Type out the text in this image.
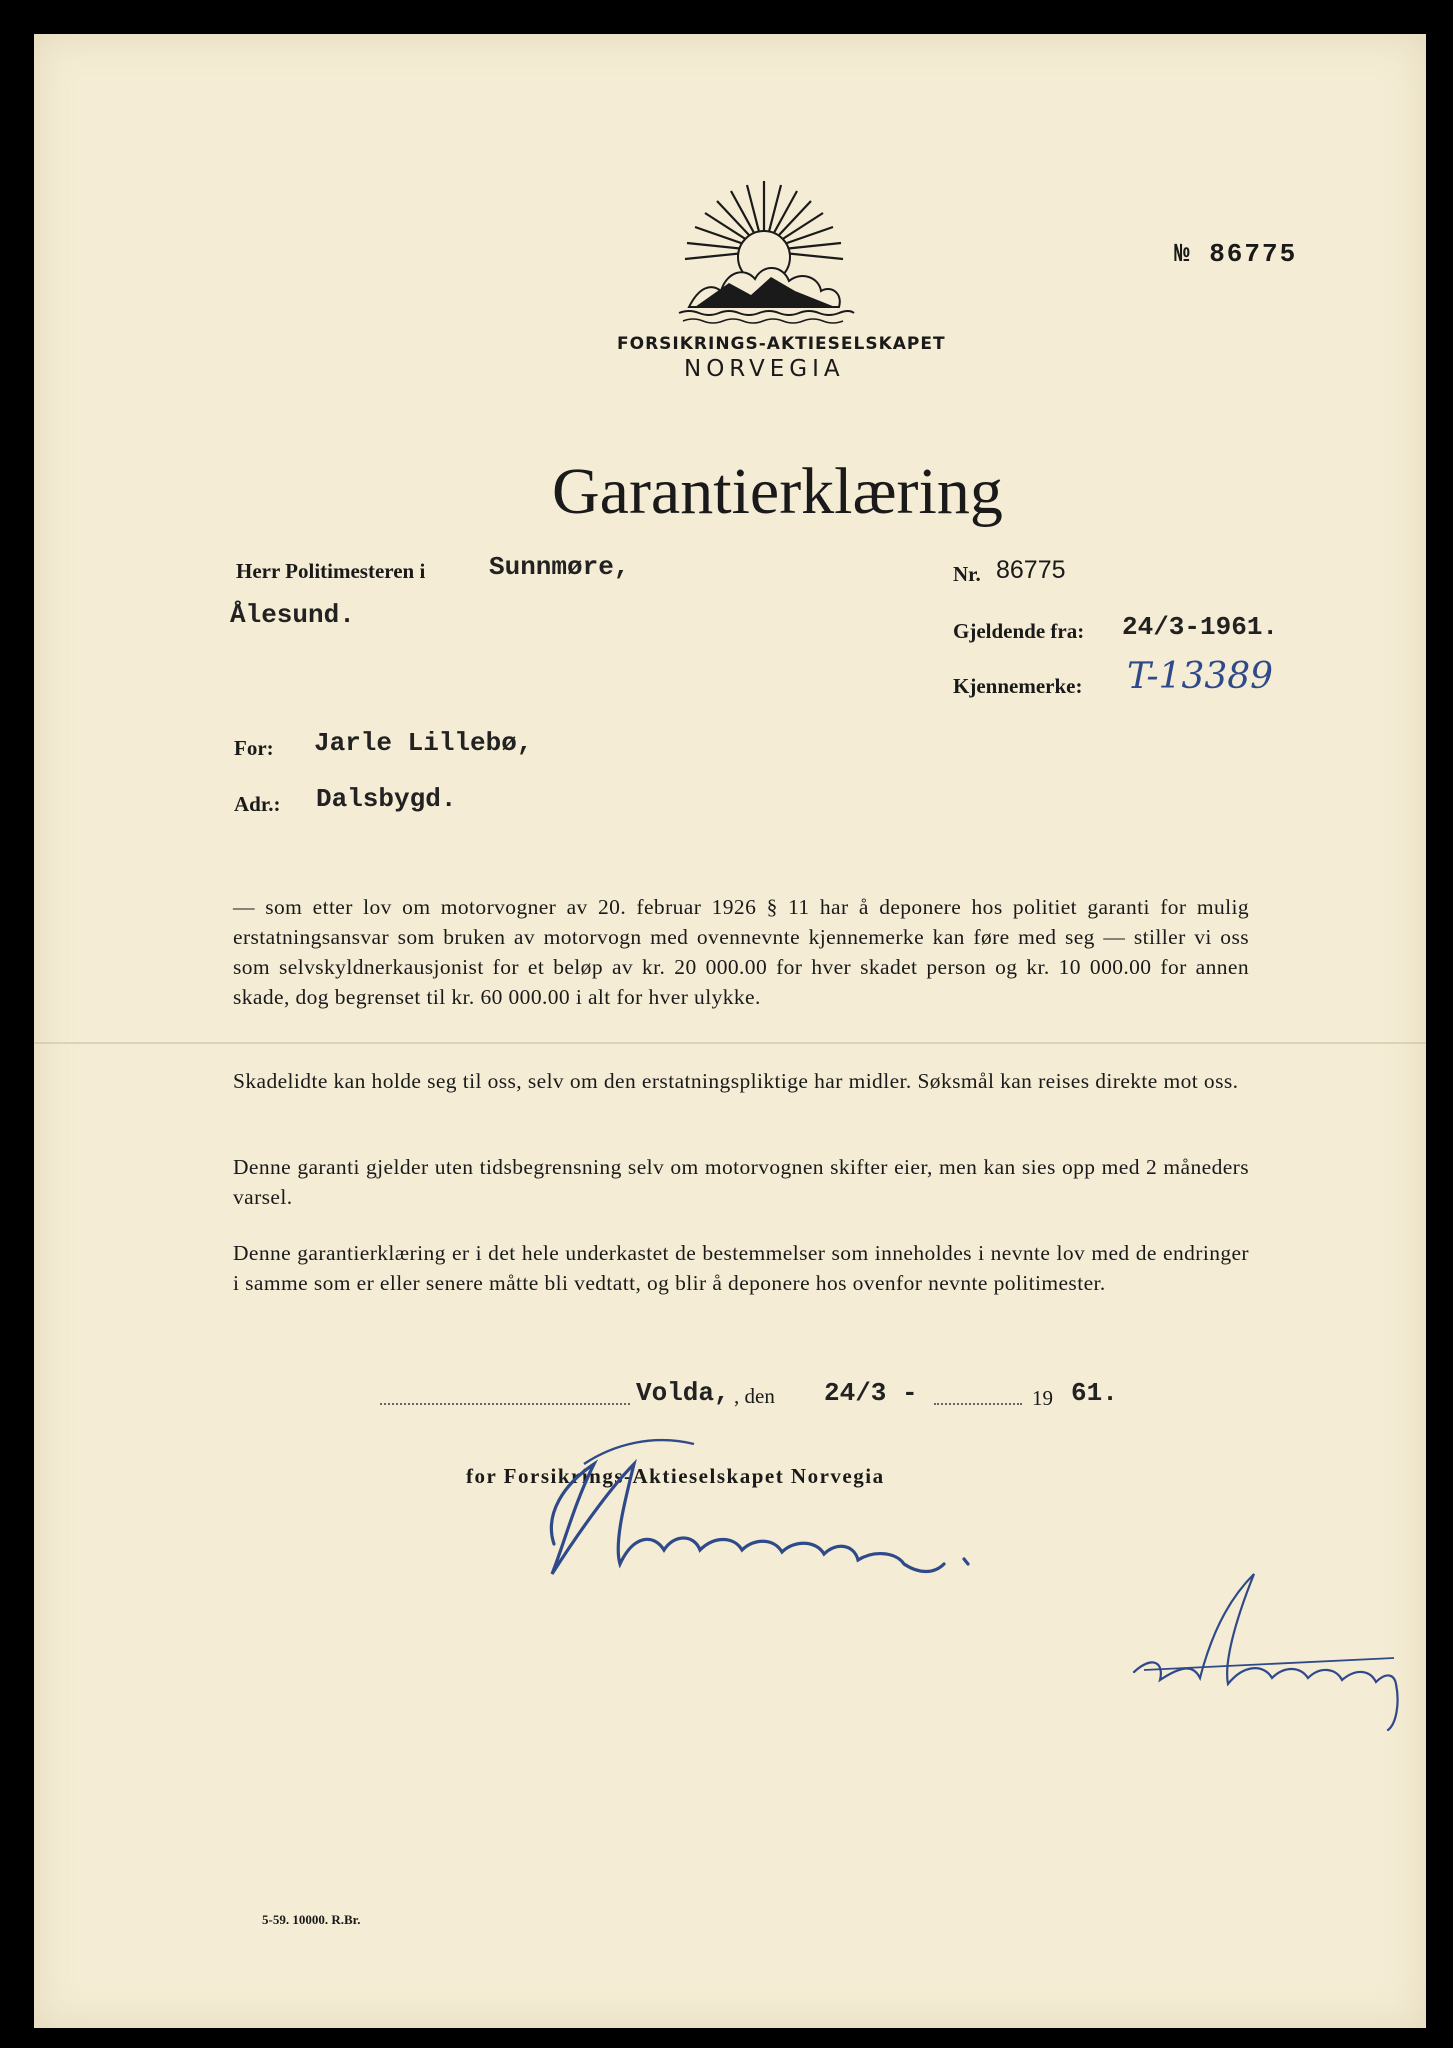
FORSIKRINGS-AKTIESELSKAPET
NORVEGIA
№ 86775
Garantierklæring
Herr Politimesteren i Sunnmøre,
Ålesund.
Nr. 86775
Gjeldende fra: 24/3-1961.
Kjennemerke: T-13389
For: Jarle Lillebø,
Adr.: Dalsbygd.
— som etter lov om motorvogner av 20. februar 1926 § 11 har å deponere hos politiet garanti for mulig erstatningsansvar som bruken av motorvogn med ovennevnte kjennemerke kan føre med seg — stiller vi oss som selvskyldnerkausjonist for et beløp av kr. 20 000.00 for hver skadet person og kr. 10 000.00 for annen skade, dog begrenset til kr. 60 000.00 i alt for hver ulykke.
Skadelidte kan holde seg til oss, selv om den erstatningspliktige har midler. Søksmål kan reises direkte mot oss.
Denne garanti gjelder uten tidsbegrensning selv om motorvognen skifter eier, men kan sies opp med 2 måneders varsel.
Denne garantierklæring er i det hele underkastet de bestemmelser som inneholdes i nevnte lov med de endringer i samme som er eller senere måtte bli vedtatt, og blir å deponere hos ovenfor nevnte politimester.
Volda, , den 24/3 -	19 61.
for Forsikrings-Aktieselskapet Norvegia
5-59. 10000. R.Br.
